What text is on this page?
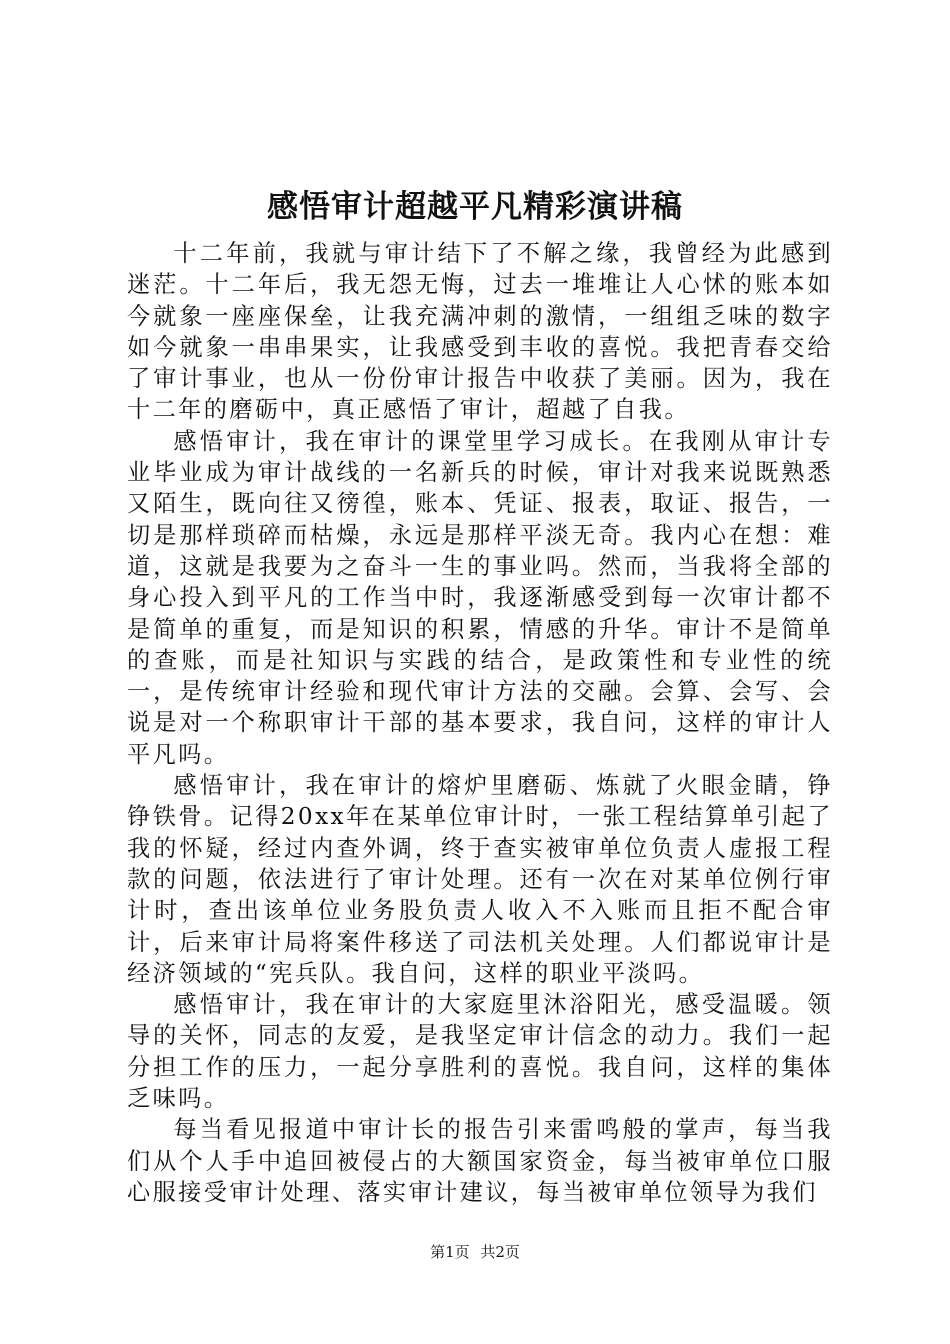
感悟审计超越平凡精彩演讲稿

十二年前，我就与审计结下了不解之缘，我曾经为此感到迷茫。十二年后，我无怨无悔，过去一堆堆让人心怵的账本如今就象一座座保垒，让我充满冲刺的激情，一组组乏味的数字如今就象一串串果实，让我感受到丰收的喜悦。我把青春交给了审计事业，也从一份份审计报告中收获了美丽。因为，我在十二年的磨砺中，真正感悟了审计，超越了自我。

感悟审计，我在审计的课堂里学习成长。在我刚从审计专业毕业成为审计战线的一名新兵的时候，审计对我来说既熟悉又陌生，既向往又徬徨，账本、凭证、报表，取证、报告，一切是那样琐碎而枯燥，永远是那样平淡无奇。我内心在想：难道，这就是我要为之奋斗一生的事业吗。然而，当我将全部的身心投入到平凡的工作当中时，我逐渐感受到每一次审计都不是简单的重复，而是知识的积累，情感的升华。审计不是简单的查账，而是社知识与实践的结合，是政策性和专业性的统一，是传统审计经验和现代审计方法的交融。会算、会写、会说是对一个称职审计干部的基本要求，我自问，这样的审计人平凡吗。

感悟审计，我在审计的熔炉里磨砺、炼就了火眼金睛，铮铮铁骨。记得20xx年在某单位审计时，一张工程结算单引起了我的怀疑，经过内查外调，终于查实被审单位负责人虚报工程款的问题，依法进行了审计处理。还有一次在对某单位例行审计时，查出该单位业务股负责人收入不入账而且拒不配合审计，后来审计局将案件移送了司法机关处理。人们都说审计是经济领域的“宪兵队。我自问，这样的职业平淡吗。

感悟审计，我在审计的大家庭里沐浴阳光，感受温暖。领导的关怀，同志的友爱，是我坚定审计信念的动力。我们一起分担工作的压力，一起分享胜利的喜悦。我自问，这样的集体乏味吗。

每当看见报道中审计长的报告引来雷鸣般的掌声，每当我们从个人手中追回被侵占的大额国家资金，每当被审单位口服心服接受审计处理、落实审计建议，每当被审单位领导为我们

第1页 共2页
